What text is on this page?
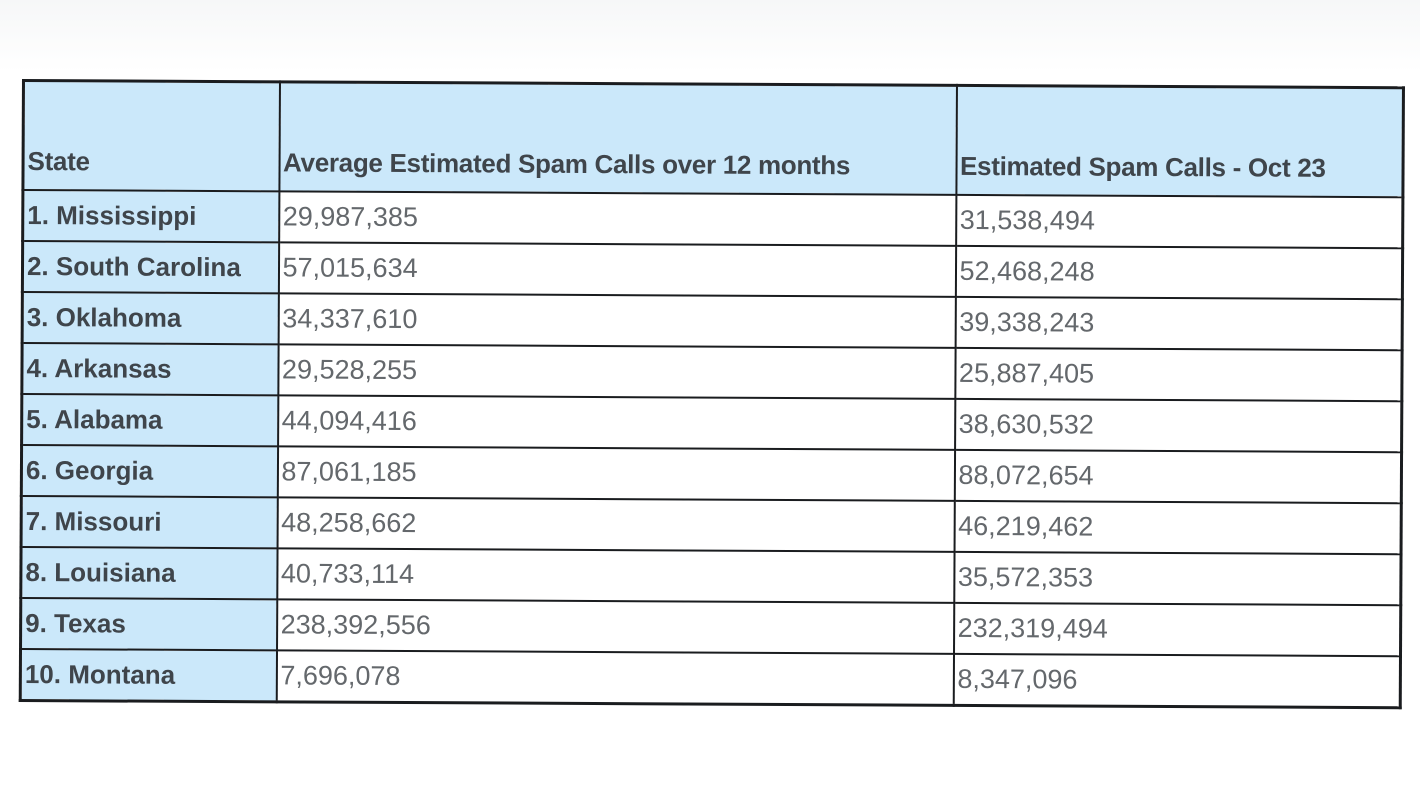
State	Average Estimated Spam Calls over 12 months	Estimated Spam Calls - Oct 23
1. Mississippi	29,987,385	31,538,494
2. South Carolina	57,015,634	52,468,248
3. Oklahoma	34,337,610	39,338,243
4. Arkansas	29,528,255	25,887,405
5. Alabama	44,094,416	38,630,532
6. Georgia	87,061,185	88,072,654
7. Missouri	48,258,662	46,219,462
8. Louisiana	40,733,114	35,572,353
9. Texas	238,392,556	232,319,494
10. Montana	7,696,078	8,347,096
